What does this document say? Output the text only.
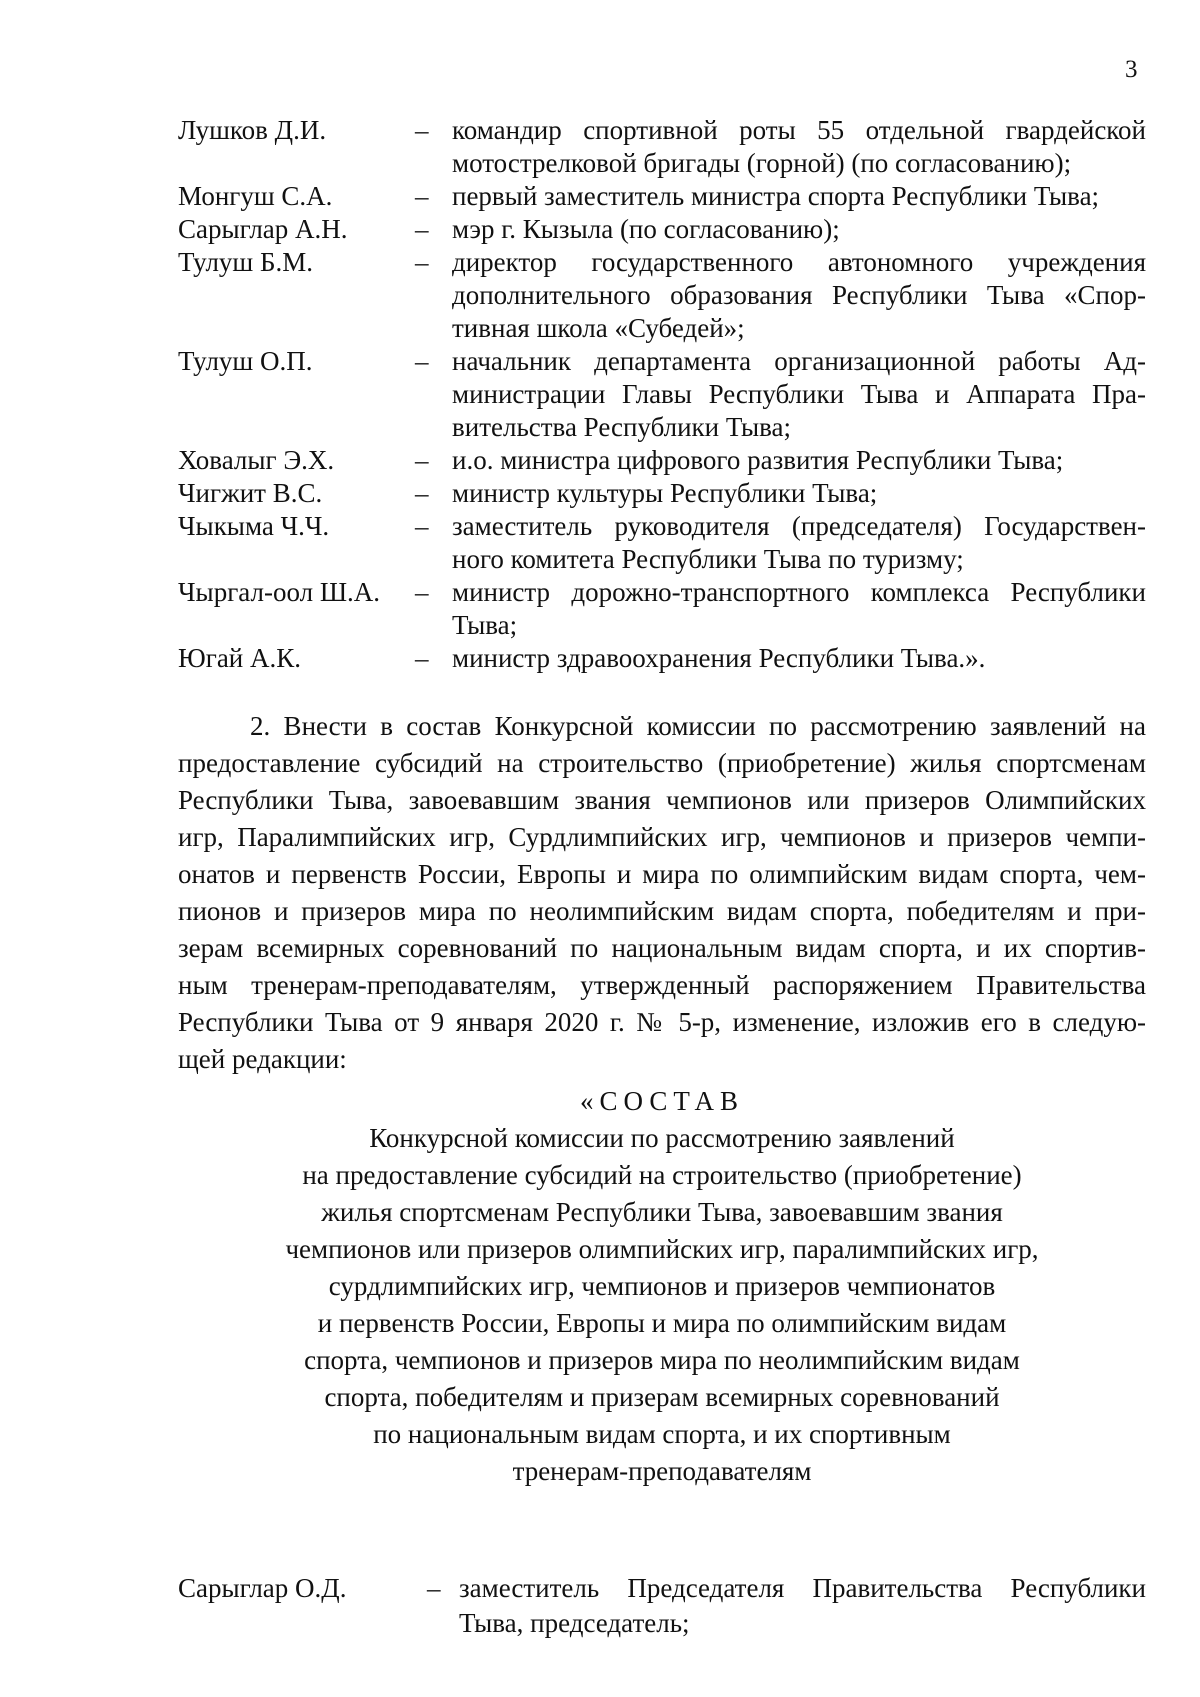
3
Лушков Д.И.	– командир спортивной роты 55 отдельной гвардейской
мотострелковой бригады (горной) (по согласованию);
Монгуш С.А.	– первый заместитель министра спорта Республики Тыва;
Сарыглар А.Н.	– мэр г. Кызыла (по согласованию);
Тулуш Б.М.	– директор государственного автономного учреждения
дополнительного образования Республики Тыва «Спор-
тивная школа «Субедей»;
Тулуш О.П.	– начальник департамента организационной работы Ад-
министрации Главы Республики Тыва и Аппарата Пра-
вительства Республики Тыва;
Ховалыг Э.Х.	– и.о. министра цифрового развития Республики Тыва;
Чигжит В.С.	– министр культуры Республики Тыва;
Чыкыма Ч.Ч.	– заместитель руководителя (председателя) Государствен-
ного комитета Республики Тыва по туризму;
Чыргал-оол Ш.А.	– министр дорожно-транспортного комплекса Республики
Тыва;
Югай А.К.	– министр здравоохранения Республики Тыва.».
2. Внести в состав Конкурсной комиссии по рассмотрению заявлений на
предоставление субсидий на строительство (приобретение) жилья спортсменам
Республики Тыва, завоевавшим звания чемпионов или призеров Олимпийских
игр, Паралимпийских игр, Сурдлимпийских игр, чемпионов и призеров чемпи-
онатов и первенств России, Европы и мира по олимпийским видам спорта, чем-
пионов и призеров мира по неолимпийским видам спорта, победителям и при-
зерам всемирных соревнований по национальным видам спорта, и их спортив-
ным тренерам-преподавателям, утвержденный распоряжением Правительства
Республики Тыва от 9 января 2020 г. № 5-р, изменение, изложив его в следую-
щей редакции:
«СОСТАВ
Конкурсной комиссии по рассмотрению заявлений
на предоставление субсидий на строительство (приобретение)
жилья спортсменам Республики Тыва, завоевавшим звания
чемпионов или призеров олимпийских игр, паралимпийских игр,
сурдлимпийских игр, чемпионов и призеров чемпионатов
и первенств России, Европы и мира по олимпийским видам
спорта, чемпионов и призеров мира по неолимпийским видам
спорта, победителям и призерам всемирных соревнований
по национальным видам спорта, и их спортивным
тренерам-преподавателям
Сарыглар О.Д.	– заместитель Председателя Правительства Республики
Тыва, председатель;
